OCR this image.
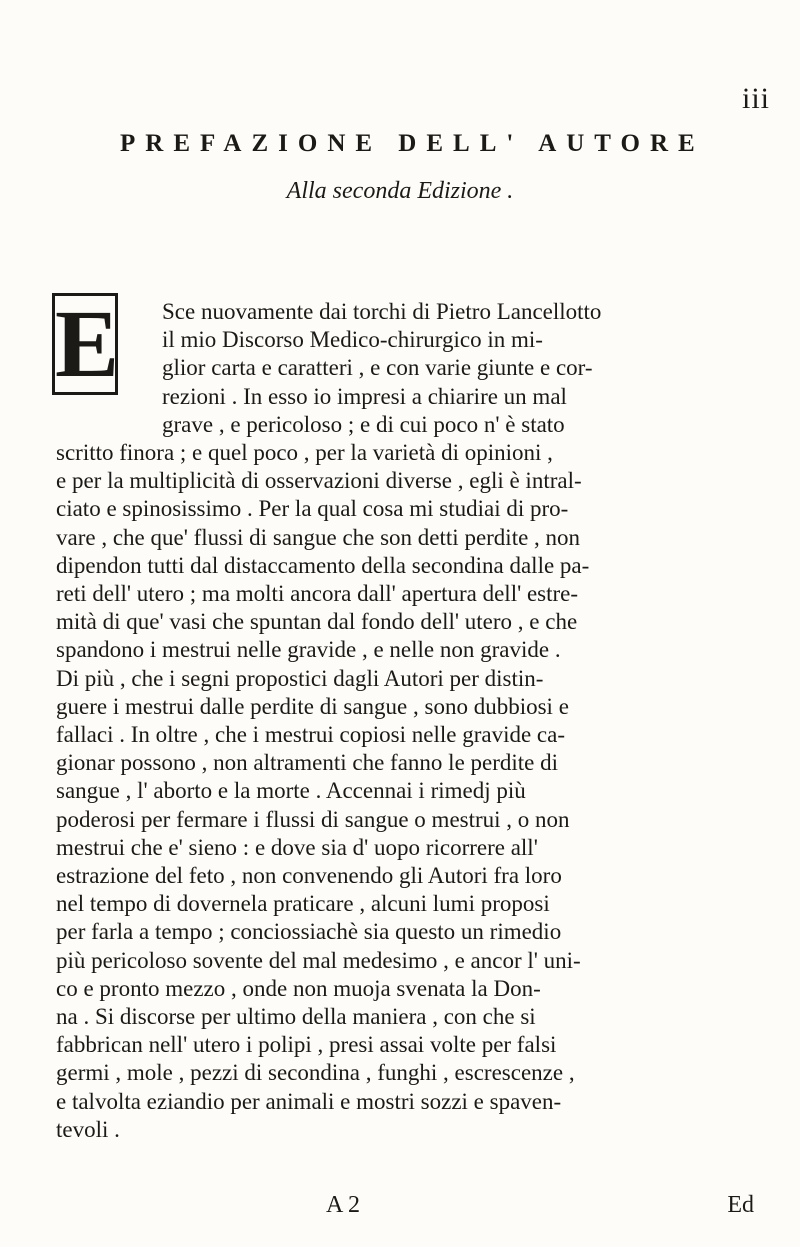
iii
PREFAZIONE DELL' AUTORE
Alla seconda Edizione .
E	Sce nuovamente dai torchi di Pietro Lancellotto
il mio Discorso Medico-chirurgico in mi-
glior carta e caratteri , e con varie giunte e cor-
rezioni . In esso io impresi a chiarire un mal
grave , e pericoloso ; e di cui poco n' è stato
scritto finora ; e quel poco , per la varietà di opinioni ,
e per la multiplicità di osservazioni diverse , egli è intral-
ciato e spinosissimo . Per la qual cosa mi studiai di pro-
vare , che que' flussi di sangue che son detti perdite , non
dipendon tutti dal distaccamento della secondina dalle pa-
reti dell' utero ; ma molti ancora dall' apertura dell' estre-
mità di que' vasi che spuntan dal fondo dell' utero , e che
spandono i mestrui nelle gravide , e nelle non gravide .
Di più , che i segni propostici dagli Autori per distin-
guere i mestrui dalle perdite di sangue , sono dubbiosi e
fallaci . In oltre , che i mestrui copiosi nelle gravide ca-
gionar possono , non altramenti che fanno le perdite di
sangue , l' aborto e la morte . Accennai i rimedj più
poderosi per fermare i flussi di sangue o mestrui , o non
mestrui che e' sieno : e dove sia d' uopo ricorrere all'
estrazione del feto , non convenendo gli Autori fra loro
nel tempo di dovernela praticare , alcuni lumi proposi
per farla a tempo ; conciossiachè sia questo un rimedio
più pericoloso sovente del mal medesimo , e ancor l' uni-
co e pronto mezzo , onde non muoja svenata la Don-
na . Si discorse per ultimo della maniera , con che si
fabbrican nell' utero i polipi , presi assai volte per falsi
germi , mole , pezzi di secondina , funghi , escrescenze ,
e talvolta eziandio per animali e mostri sozzi e spaven-
tevoli .
A 2	Ed
